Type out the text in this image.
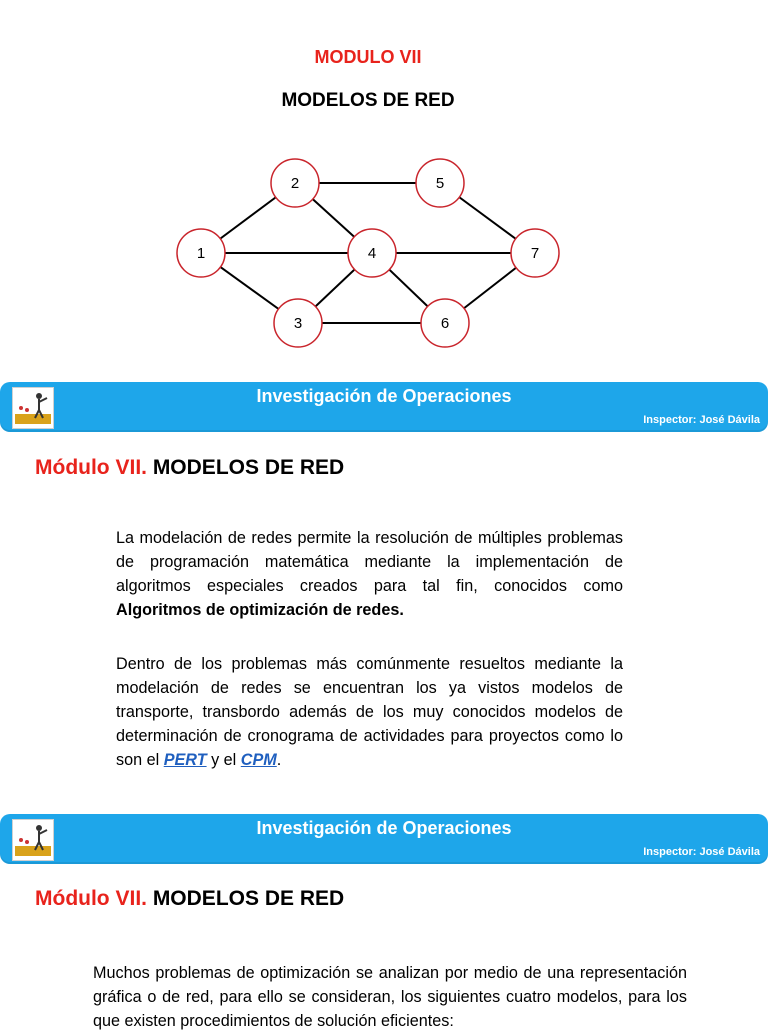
MODULO VII
MODELOS DE RED
1
2
3
4
5
6
7
Investigación de Operaciones
Inspector: José Dávila
Módulo VII. MODELOS DE RED
La modelación de redes permite la resolución de múltiples problemas de programación matemática mediante la implementación de algoritmos especiales creados para tal fin, conocidos como Algoritmos de optimización de redes.
Dentro de los problemas más comúnmente resueltos mediante la modelación de redes se encuentran los ya vistos modelos de transporte, transbordo además de los muy conocidos modelos de determinación de cronograma de actividades para proyectos como lo son el PERT y el CPM.
Investigación de Operaciones
Inspector: José Dávila
Módulo VII. MODELOS DE RED
Muchos problemas de optimización se analizan por medio de una representación gráfica o de red, para ello se consideran, los siguientes cuatro modelos, para los que existen procedimientos de solución eficientes:
